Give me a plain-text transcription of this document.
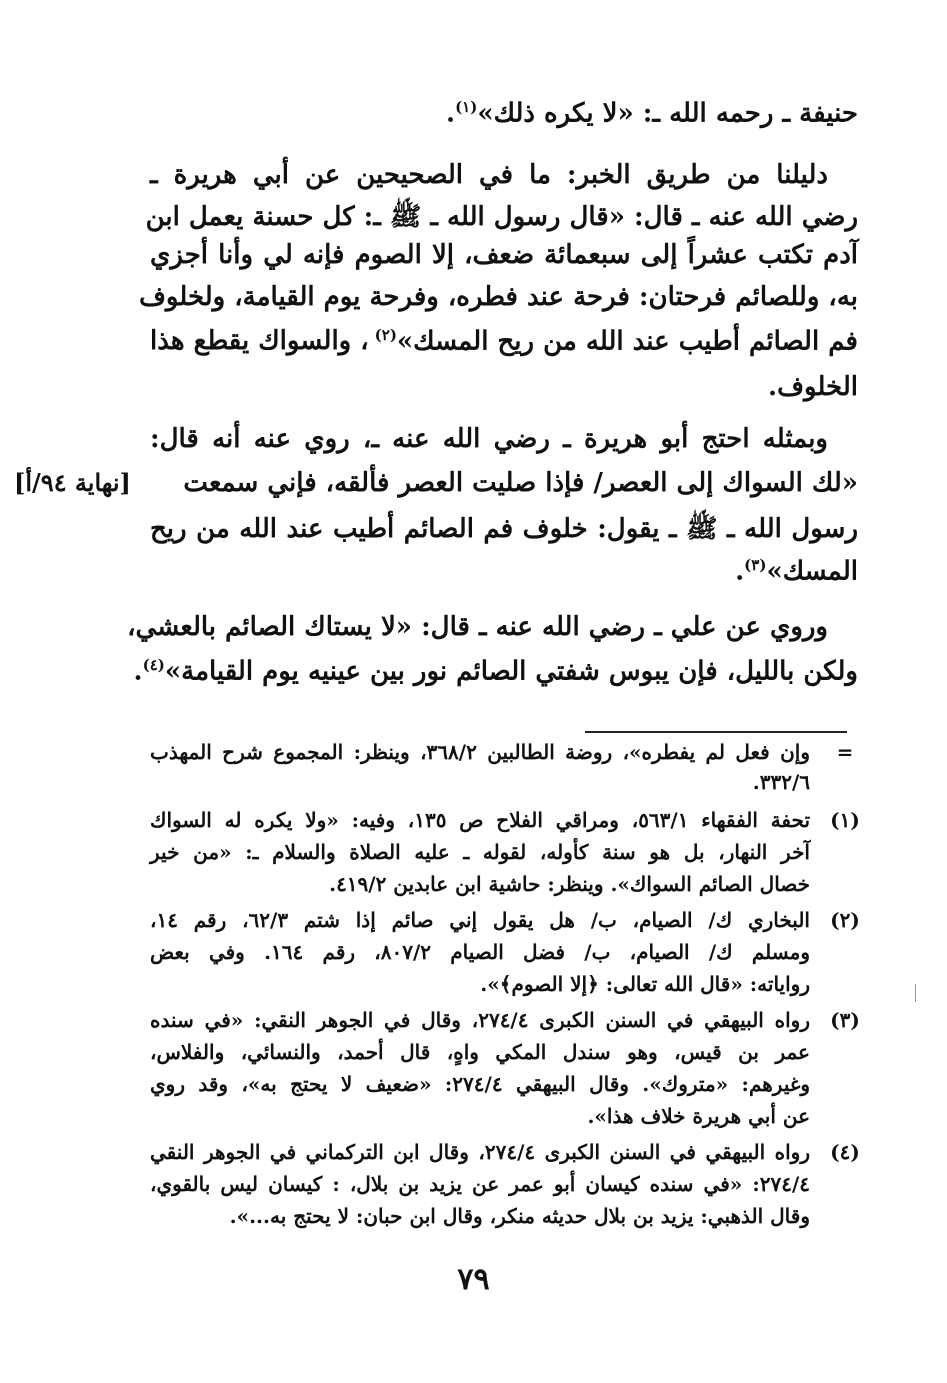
حنيفة ـ رحمه الله ـ: «لا يكره ذلك»$^{(١)}$.
دليلنا من طريق الخبر: ما في الصحيحين عن أبي هريرة ـ
رضي الله عنه ـ قال: «قال رسول الله ـ ﷺ ـ: كل حسنة يعمل ابن
آدم تكتب عشراً إلى سبعمائة ضعف، إلا الصوم فإنه لي وأنا أجزي
به، وللصائم فرحتان: فرحة عند فطره، وفرحة يوم القيامة، ولخلوف
فم الصائم أطيب عند الله من ريح المسك»$^{(٢)}$
، والسواك يقطع هذا
الخلوف.
وبمثله احتج أبو هريرة ـ رضي الله عنه ـ، روي عنه أنه قال:
«لك السواك إلى العصر/ فإذا صليت العصر فألقه، فإني سمعت
رسول الله ـ ﷺ ـ يقول: خلوف فم الصائم أطيب عند الله من ريح
المسك»$^{(٣)}$.
وروي عن علي ـ رضي الله عنه ـ قال: «لا يستاك الصائم بالعشي،
ولكن بالليل، فإن يبوس شفتي الصائم نور بين عينيه يوم القيامة»$^{(٤)}$.
[نهاية ٩٤/أ]
=
وإن فعل لم يفطره»، روضة الطالبين ٣٦٨/٢، وينظر: المجموع شرح المهذب
٣٣٢/٦.
(١)
تحفة الفقهاء ٥٦٣/١، ومراقي الفلاح ص ١٣٥، وفيه: «ولا يكره له السواك
آخر النهار، بل هو سنة كأوله، لقوله ـ عليه الصلاة والسلام ـ: «من خير
خصال الصائم السواك». وينظر: حاشية ابن عابدين ٤١٩/٢.
(٢)
البخاري ك/ الصيام، ب/ هل يقول إني صائم إذا شتم ٦٢/٣، رقم ١٤،
ومسلم ك/ الصيام، ب/ فضل الصيام ٨٠٧/٢، رقم ١٦٤. وفي بعض
رواياته: «قال الله تعالى: ﴿إلا الصوم﴾».
(٣)
رواه البيهقي في السنن الكبرى ٢٧٤/٤، وقال في الجوهر النقي: «في سنده
عمر بن قيس، وهو سندل المكي واهٍ، قال أحمد، والنسائي، والفلاس،
وغيرهم: «متروك». وقال البيهقي ٢٧٤/٤: «ضعيف لا يحتج به»، وقد روي
عن أبي هريرة خلاف هذا».
(٤)
رواه البيهقي في السنن الكبرى ٢٧٤/٤، وقال ابن التركماني في الجوهر النقي
٢٧٤/٤: «في سنده كيسان أبو عمر عن يزيد بن بلال، : كيسان ليس بالقوي،
وقال الذهبي: يزيد بن بلال حديثه منكر، وقال ابن حبان: لا يحتج به...».
٧٩
